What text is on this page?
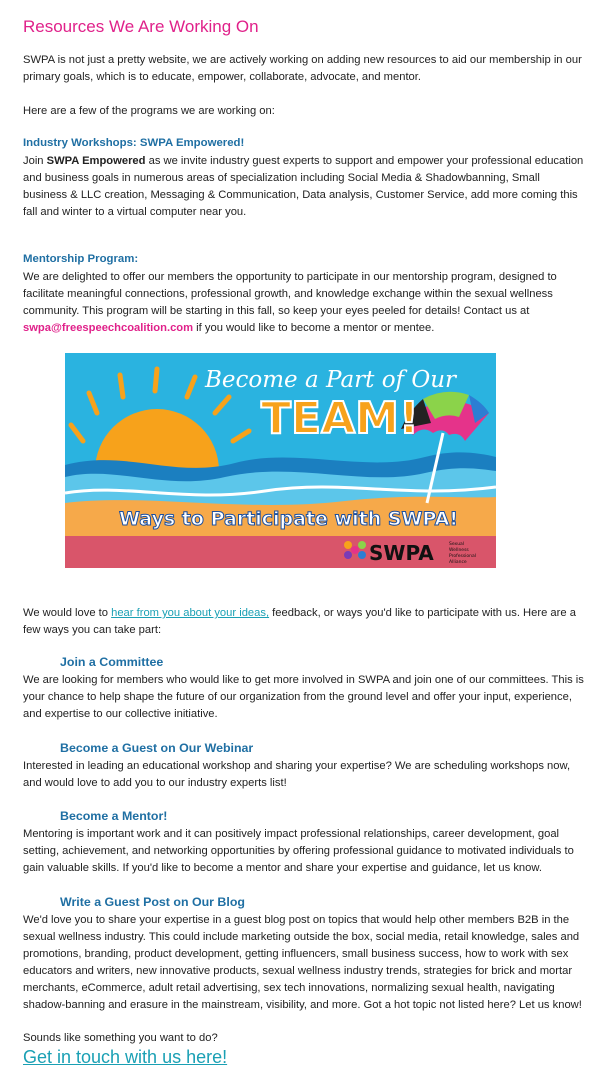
Resources We Are Working On

SWPA is not just a pretty website, we are actively working on adding new resources to aid our membership in our primary goals, which is to educate, empower, collaborate, advocate, and mentor.

Here are a few of the programs we are working on:

Industry Workshops: SWPA Empowered!

Join SWPA Empowered as we invite industry guest experts to support and empower your professional education and business goals in numerous areas of specialization including Social Media & Shadowbanning, Small business & LLC creation, Messaging & Communication, Data analysis, Customer Service, add more coming this fall and winter to a virtual computer near you.

Mentorship Program:

We are delighted to offer our members the opportunity to participate in our mentorship program, designed to facilitate meaningful connections, professional growth, and knowledge exchange within the sexual wellness community. This program will be starting in this fall, so keep your eyes peeled for details! Contact us at swpa@freespeechcoalition.com if you would like to become a mentor or mentee.

We would love to hear from you about your ideas, feedback, or ways you'd like to participate with us. Here are a few ways you can take part:

Join a Committee

We are looking for members who would like to get more involved in SWPA and join one of our committees. This is your chance to help shape the future of our organization from the ground level and offer your input, experience, and expertise to our collective initiative.

Become a Guest on Our Webinar

Interested in leading an educational workshop and sharing your expertise? We are scheduling workshops now, and would love to add you to our industry experts list!

Become a Mentor!

Mentoring is important work and it can positively impact professional relationships, career development, goal setting, achievement, and networking opportunities by offering professional guidance to motivated individuals to gain valuable skills. If you'd like to become a mentor and share your expertise and guidance, let us know.

Write a Guest Post on Our Blog

We'd love you to share your expertise in a guest blog post on topics that would help other members B2B in the sexual wellness industry. This could include marketing outside the box, social media, retail knowledge, sales and promotions, branding, product development, getting influencers, small business success, how to work with sex educators and writers, new innovative products, sexual wellness industry trends, strategies for brick and mortar merchants, eCommerce, adult retail advertising, sex tech innovations, normalizing sexual health, navigating shadow-banning and erasure in the mainstream, visibility, and more. Got a hot topic not listed here? Let us know!

Sounds like something you want to do?

Get in touch with us here!
Become a Part of Our
TEAM!
Ways to Participate with SWPA!
SWPA	Sexual
Wellness
Professional
Alliance
